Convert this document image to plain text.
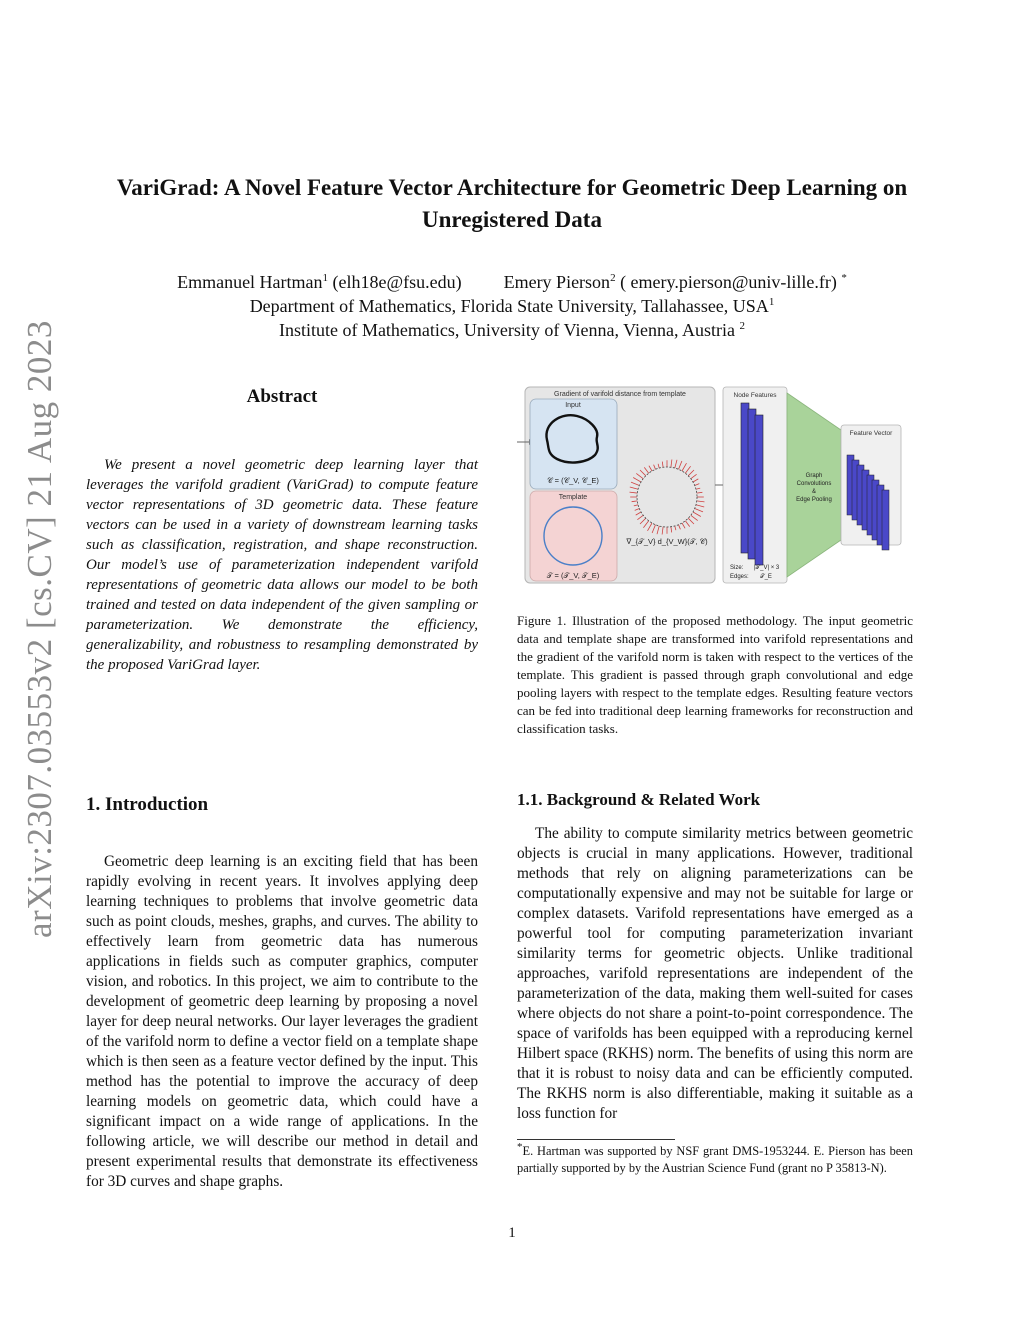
arXiv:2307.03553v2 [cs.CV] 21 Aug 2023
VariGrad: A Novel Feature Vector Architecture for Geometric Deep Learning on Unregistered Data
Emmanuel Hartman$^1$ (elh18e@fsu.edu) Emery Pierson$^2$ ( emery.pierson@univ-lille.fr) *
Department of Mathematics, Florida State University, Tallahassee, USA$^1$
Institute of Mathematics, University of Vienna, Vienna, Austria $^2$
Abstract
We present a novel geometric deep learning layer that leverages the varifold gradient (VariGrad) to compute feature vector representations of 3D geometric data. These feature vectors can be used in a variety of downstream learning tasks such as classification, registration, and shape reconstruction. Our model’s use of parameterization independent varifold representations of geometric data allows our model to be both trained and tested on data independent of the given sampling or parameterization. We demonstrate the efficiency, generalizability, and robustness to resampling demonstrated by the proposed VariGrad layer.
1. Introduction
Geometric deep learning is an exciting field that has been rapidly evolving in recent years. It involves applying deep learning techniques to problems that involve geometric data such as point clouds, meshes, graphs, and curves. The ability to effectively learn from geometric data has numerous applications in fields such as computer graphics, computer vision, and robotics. In this project, we aim to contribute to the development of geometric deep learning by proposing a novel layer for deep neural networks. Our layer leverages the gradient of the varifold norm to define a vector field on a template shape which is then seen as a feature vector defined by the input. This method has the potential to improve the accuracy of deep learning models on geometric data, which could have a significant impact on a wide range of applications. In the following article, we will describe our method in detail and present experimental results that demonstrate its effectiveness for 3D curves and shape graphs.
Gradient of varifold distance from template
Input
𝒞 = (𝒞_V, 𝒞_E)
Template
𝒯 = (𝒯_V, 𝒯_E)
∇_{𝒯_V} d_{V_W}(𝒯, 𝒞)
Node Features
Size: |𝒯_V| × 3
Edges: 𝒯_E
Graph
Convolutions
&
Edge Pooling
Feature Vector
Figure 1. Illustration of the proposed methodology. The input geometric data and template shape are transformed into varifold representations and the gradient of the varifold norm is taken with respect to the vertices of the template. This gradient is passed through graph convolutional and edge pooling layers with respect to the template edges. Resulting feature vectors can be fed into traditional deep learning frameworks for reconstruction and classification tasks.
1.1. Background & Related Work
The ability to compute similarity metrics between geometric objects is crucial in many applications. However, traditional methods that rely on aligning parameterizations can be computationally expensive and may not be suitable for large or complex datasets. Varifold representations have emerged as a powerful tool for computing parameterization invariant similarity terms for geometric objects. Unlike traditional approaches, varifold representations are independent of the parameterization of the data, making them well-suited for cases where objects do not share a point-to-point correspondence. The space of varifolds has been equipped with a reproducing kernel Hilbert space (RKHS) norm. The benefits of using this norm are that it is robust to noisy data and can be efficiently computed. The RKHS norm is also differentiable, making it suitable as a loss function for
*E. Hartman was supported by NSF grant DMS-1953244. E. Pierson has been partially supported by by the Austrian Science Fund (grant no P 35813-N).
1
